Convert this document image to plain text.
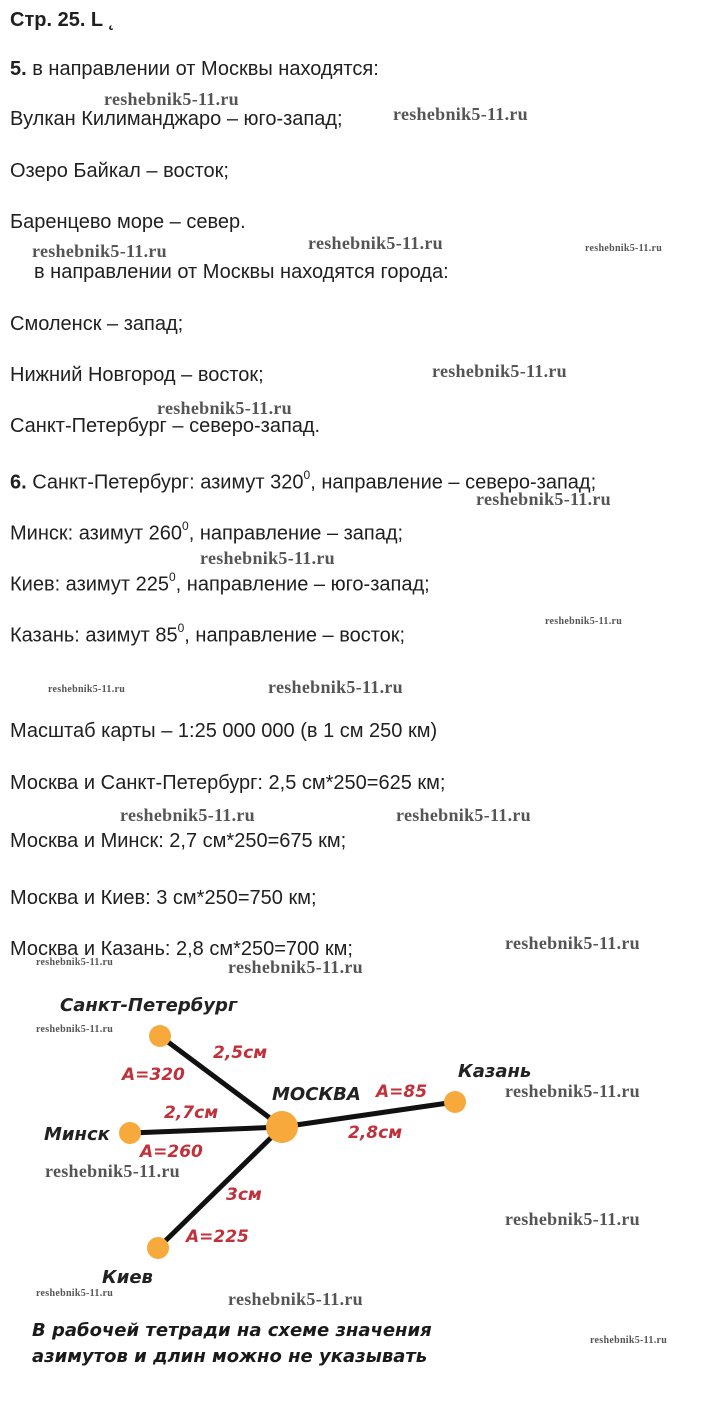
Стр. 25. L ˛
5. в направлении от Москвы находятся:
Вулкан Килиманджаро – юго-запад;
Озеро Байкал – восток;
Баренцево море – север.
в направлении от Москвы находятся города:
Смоленск – запад;
Нижний Новгород – восток;
Санкт-Петербург – северо-запад.
6. Санкт-Петербург: азимут $320^0$, направление – северо-запад;
Минск: азимут $260^0$, направление – запад;
Киев: азимут $225^0$, направление – юго-запад;
Казань: азимут $85^0$, направление – восток;
Масштаб карты – 1:25 000 000 (в 1 см 250 км)
Москва и Санкт-Петербург: 2,5 см*250=625 км;
Москва и Минск: 2,7 см*250=675 км;
Москва и Киев: 3 см*250=750 км;
Москва и Казань: 2,8 см*250=700 км;
Санкт-Петербург
Минск
Киев
Казань
МОСКВА
A=320
2,5см
2,7см
A=260
3см
A=225
A=85
2,8см
В рабочей тетради на схеме значения
азимутов и длин можно не указывать
reshebnik5-11.ru
reshebnik5-11.ru
reshebnik5-11.ru	reshebnik5-11.ru	reshebnik5-11.ru
reshebnik5-11.ru
reshebnik5-11.ru
reshebnik5-11.ru
reshebnik5-11.ru
reshebnik5-11.ru
reshebnik5-11.ru	reshebnik5-11.ru
reshebnik5-11.ru	reshebnik5-11.ru
reshebnik5-11.ru
reshebnik5-11.ru	reshebnik5-11.ru
reshebnik5-11.ru
reshebnik5-11.ru
reshebnik5-11.ru
reshebnik5-11.ru
reshebnik5-11.ru	reshebnik5-11.ru
reshebnik5-11.ru
